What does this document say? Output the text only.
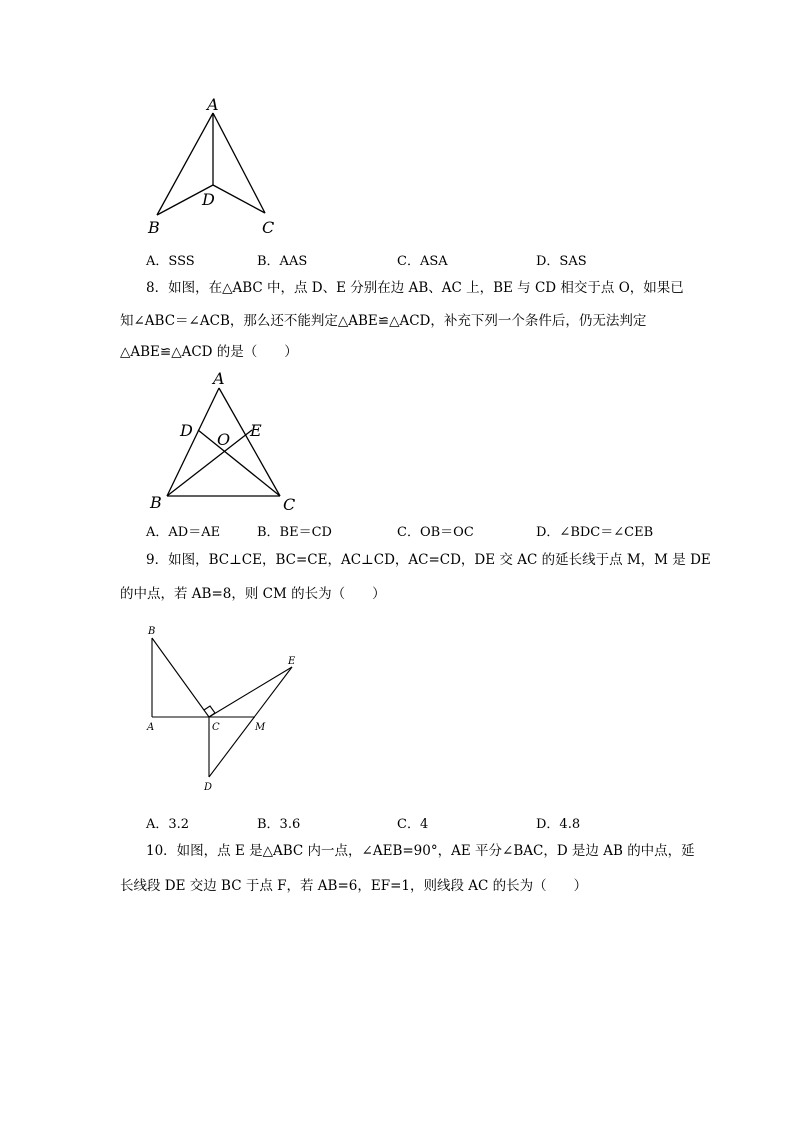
A
B	C
D
A．SSS	B．AAS	C．ASA	D．SAS
8．如图，在△ABC 中，点 D、E 分别在边 AB、AC 上，BE 与 CD 相交于点 O，如果已
知∠ABC＝∠ACB，那么还不能判定△ABE≌△ACD，补充下列一个条件后，仍无法判定
△ABE≌△ACD 的是（　　）
A
B	C
D	E
O
A．AD＝AE	B．BE＝CD	C．OB＝OC	D．∠BDC＝∠CEB
9．如图，BC⊥CE，BC=CE，AC⊥CD，AC=CD，DE 交 AC 的延长线于点 M，M 是 DE
的中点，若 AB=8，则 CM 的长为（　　）
B
A	C	M
E
D
A．3.2	B．3.6	C．4	D．4.8
10．如图，点 E 是△ABC 内一点，∠AEB=90°，AE 平分∠BAC，D 是边 AB 的中点，延
长线段 DE 交边 BC 于点 F，若 AB=6，EF=1，则线段 AC 的长为（　　）
